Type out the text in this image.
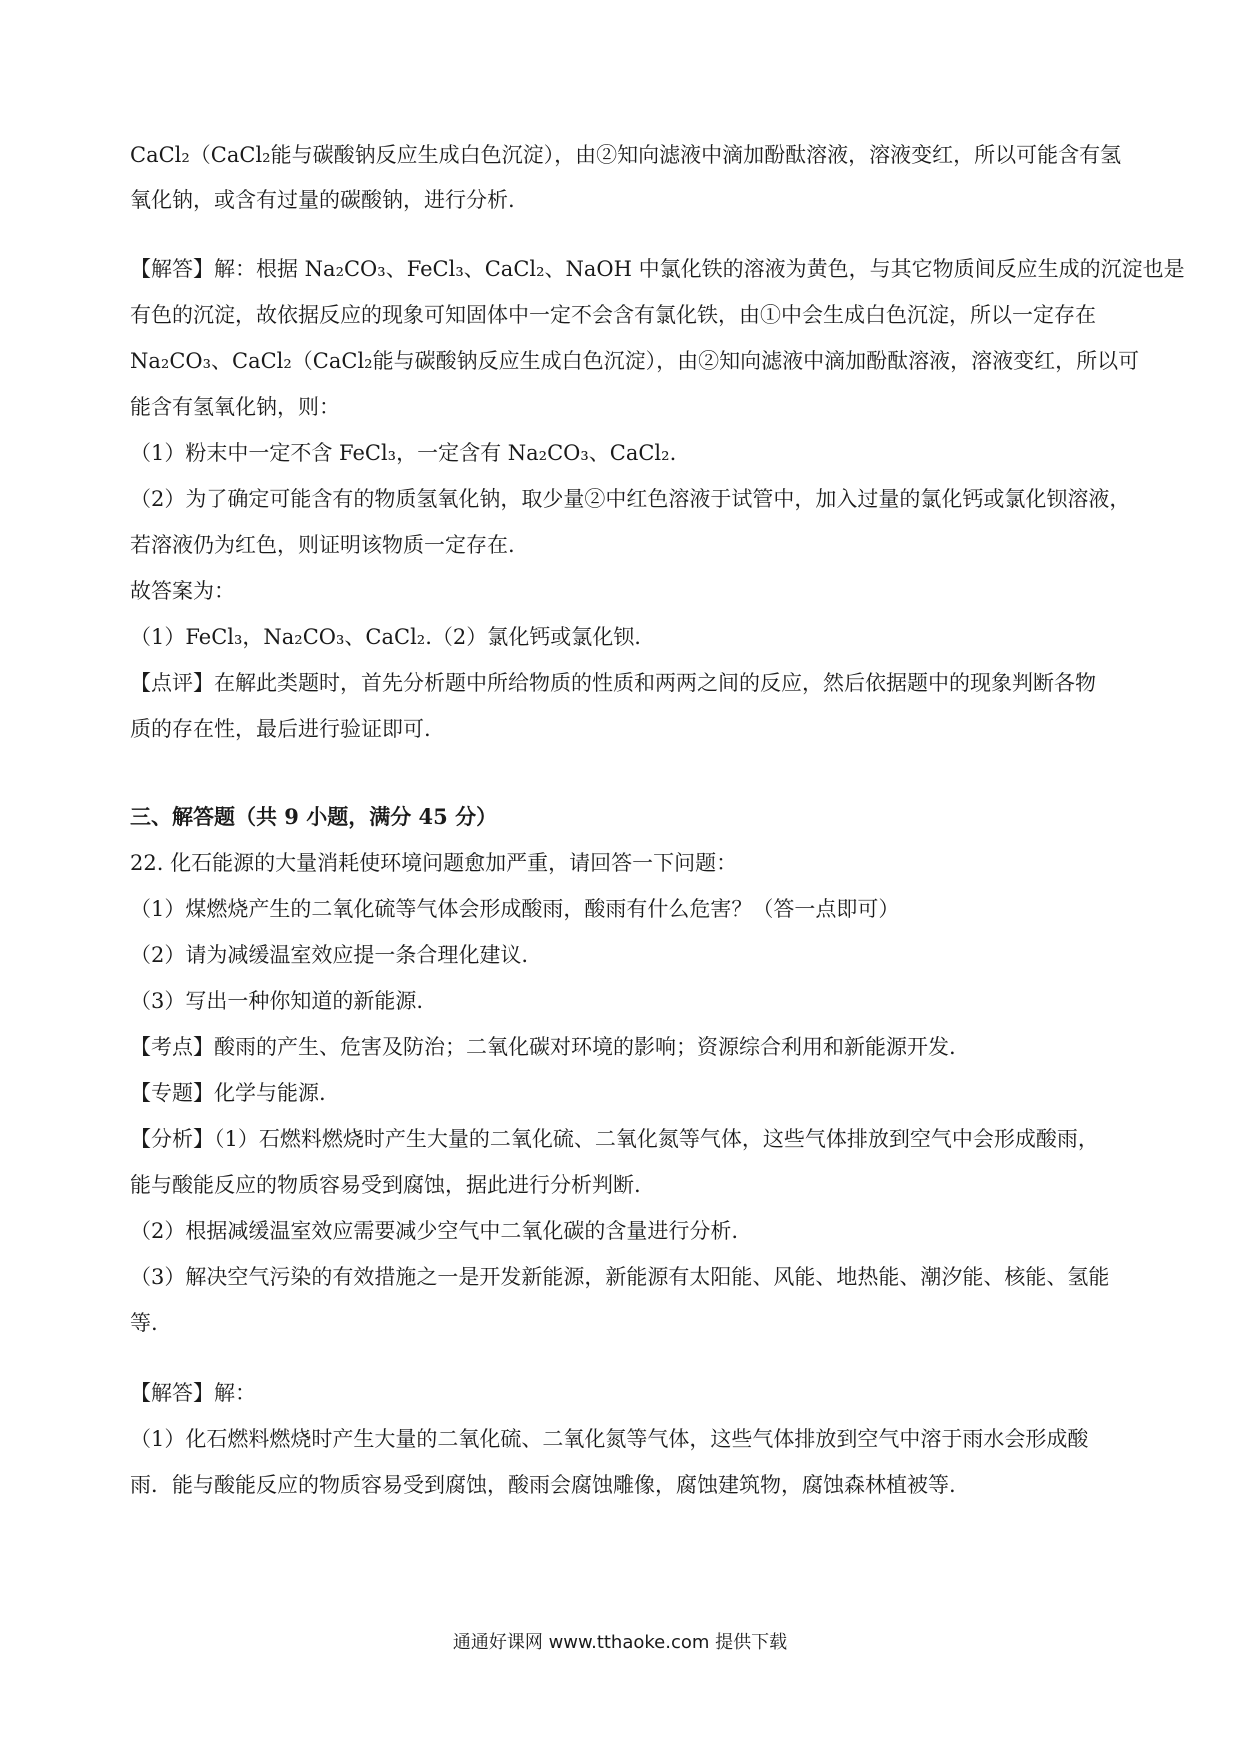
CaCl₂（CaCl₂能与碳酸钠反应生成白色沉淀），由②知向滤液中滴加酚酞溶液，溶液变红，所以可能含有氢
氧化钠，或含有过量的碳酸钠，进行分析.
【解答】解：根据 Na₂CO₃、FeCl₃、CaCl₂、NaOH 中氯化铁的溶液为黄色，与其它物质间反应生成的沉淀也是
有色的沉淀，故依据反应的现象可知固体中一定不会含有氯化铁，由①中会生成白色沉淀，所以一定存在
Na₂CO₃、CaCl₂（CaCl₂能与碳酸钠反应生成白色沉淀），由②知向滤液中滴加酚酞溶液，溶液变红，所以可
能含有氢氧化钠，则：
（1）粉末中一定不含 FeCl₃，一定含有 Na₂CO₃、CaCl₂.
（2）为了确定可能含有的物质氢氧化钠，取少量②中红色溶液于试管中，加入过量的氯化钙或氯化钡溶液，
若溶液仍为红色，则证明该物质一定存在.
故答案为：
（1）FeCl₃，Na₂CO₃、CaCl₂.（2）氯化钙或氯化钡.
【点评】在解此类题时，首先分析题中所给物质的性质和两两之间的反应，然后依据题中的现象判断各物
质的存在性，最后进行验证即可.
三、解答题（共 9 小题，满分 45 分）
22. 化石能源的大量消耗使环境问题愈加严重，请回答一下问题：
（1）煤燃烧产生的二氧化硫等气体会形成酸雨，酸雨有什么危害？（答一点即可）
（2）请为减缓温室效应提一条合理化建议.
（3）写出一种你知道的新能源.
【考点】酸雨的产生、危害及防治；二氧化碳对环境的影响；资源综合利用和新能源开发.
【专题】化学与能源.
【分析】（1）石燃料燃烧时产生大量的二氧化硫、二氧化氮等气体，这些气体排放到空气中会形成酸雨，
能与酸能反应的物质容易受到腐蚀，据此进行分析判断.
（2）根据减缓温室效应需要减少空气中二氧化碳的含量进行分析.
（3）解决空气污染的有效措施之一是开发新能源，新能源有太阳能、风能、地热能、潮汐能、核能、氢能
等.
【解答】解：
（1）化石燃料燃烧时产生大量的二氧化硫、二氧化氮等气体，这些气体排放到空气中溶于雨水会形成酸
雨．能与酸能反应的物质容易受到腐蚀，酸雨会腐蚀雕像，腐蚀建筑物，腐蚀森林植被等.
通通好课网 www.tthaoke.com 提供下载
